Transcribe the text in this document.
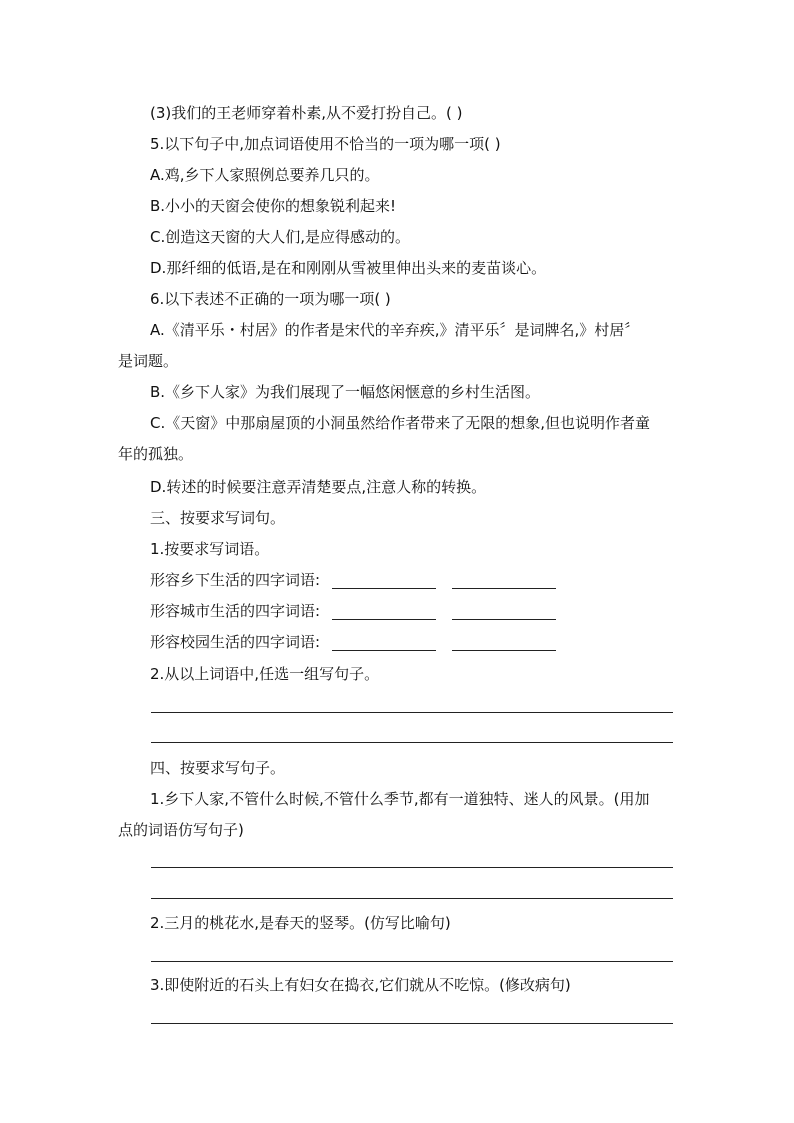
(3)我们的王老师穿着朴素,从不爱打扮自己。( )
5.以下句子中,加点词语使用不恰当的一项为哪一项( )
A.鸡,乡下人家照例总要养几只的。
B.小小的天窗会使你的想象锐利起来!
C.创造这天窗的大人们,是应得感动的。
D.那纤细的低语,是在和刚刚从雪被里伸出头来的麦苗谈心。
6.以下表述不正确的一项为哪一项( )
A.《清平乐・村居》的作者是宋代的辛弃疾,》清平乐〞是词牌名,》村居〞
是词题。
B.《乡下人家》为我们展现了一幅悠闲惬意的乡村生活图。
C.《天窗》中那扇屋顶的小洞虽然给作者带来了无限的想象,但也说明作者童
年的孤独。
D.转述的时候要注意弄清楚要点,注意人称的转换。
三、按要求写词句。
1.按要求写词语。
形容乡下生活的四字词语:
形容城市生活的四字词语:
形容校园生活的四字词语:
2.从以上词语中,任选一组写句子。
四、按要求写句子。
1.乡下人家,不管什么时候,不管什么季节,都有一道独特、迷人的风景。(用加
点的词语仿写句子)
2.三月的桃花水,是春天的竖琴。(仿写比喻句)
3.即使附近的石头上有妇女在捣衣,它们就从不吃惊。(修改病句)
